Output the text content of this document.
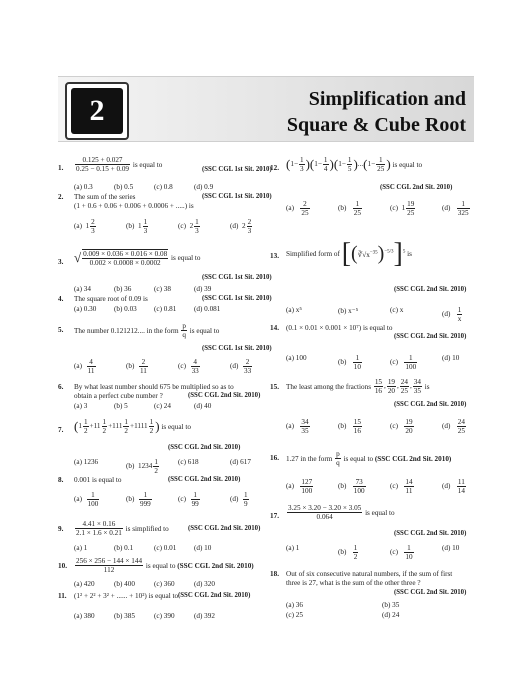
2	Simplification and
Square & Cube Root
1. $\frac{0.125 + 0.027}{0.25 - 0.15 + 0.09}$ is equal to
(SSC CGL 1st Sit. 2010)
(a) 0.3	(b) 0.5	(c) 0.8	(d) 0.9
2. The sum of the series	(SSC CGL 1st Sit. 2010)
(1 + 0.6 + 0.06 + 0.006 + 0.0006 + .....) is
(a)  $1 \frac{2}{3}$	(b)  $1 \frac{1}{3}$	(c)  $2 \frac{1}{3}$	(d)  $2 \frac{2}{3}$
3. √ $\frac{0.009 \times 0.036 \times 0.016 \times 0.08}{0.002 \times 0.0008 \times 0.0002}$ is equal to
(SSC CGL 1st Sit. 2010)
(a) 34	(b) 36	(c) 38	(d) 39
4. The square root of 0.09 is	(SSC CGL 1st Sit. 2010)
(a) 0.30 (b) 0.03 (c) 0.81 (d) 0.081
5. The number 0.121212.... in the form $\frac{p}{q}$ is equal to
(SSC CGL 1st Sit. 2010)
$(a) \frac{4}{11}$	$(b) \frac{2}{11}$	$(c) \frac{4}{33}$	$(d) \frac{2}{33}$
6. By what least number should 675 be multiplied so as to
obtain a perfect cube number ?	(SSC CGL 2nd Sit. 2010)
(a) 3	(b) 5	(c) 24	(d) 40
7. ($1 \frac{1}{2} +11 \frac{1}{2} +111 \frac{1}{2} +1111 \frac{1}{2}$ ) is equal to
(SSC CGL 2nd Sit. 2010)
(a) 1236
(b)  $1234 \frac{1}{2}$	(c) 618	(d) 617
8. 0.001 is equal to	(SSC CGL 2nd Sit. 2010)
$(a) \frac{1}{100}$	$(b) \frac{1}{999}$	$(c) \frac{1}{99}$	$(d) \frac{1}{9}$
9. $\frac{4.41 \times 0.16}{2.1 \times 1.6 \times 0.21}$ is simplified to	(SSC CGL 2nd Sit. 2010)
(a) 1	(b) 0.1	(c) 0.01 (d) 10
10. $\frac{256 \times 256 - 144 \times 144}{112}$ is equal to (SSC CGL 2nd Sit. 2010)
(a) 420	(b) 400	(c) 360	(d) 320
11. (1² + 2² + 3² + ...... + 10²) is equal to (SSC CGL 2nd Sit. 2010)
(a) 380	(b) 385	(c) 390	(d) 392
12. $(1- \frac{1}{3} )(1- \frac{1}{4} )(1- \frac{1}{5} )...(1- \frac{1}{25}$ ) is equal to
(SSC CGL 2nd Sit. 2010)
$(a) \frac{2}{25}$	$(b) \frac{1}{25}$	(c)  $1 \frac{19}{25}$	$(d) \frac{1}{325}$
13. Simplified form of $[(∛√x^{-35})^{-5/3}]^5$ is
(SSC CGL 2nd Sit. 2010)
(a) x⁵	(b) x⁻⁵	(c) x
$(d) \frac{1}{x}$
14. (0.1 × 0.01 × 0.001 × 10⁷) is equal to
(SSC CGL 2nd Sit. 2010)
(a) 100
$(b) \frac{1}{10}$	$(c) \frac{1}{100}$	(d) 10
15. The least among the fractions $\frac{15}{16}$ , $\frac{19}{20}$ , $\frac{24}{25}$ , $\frac{34}{35}$ is
(SSC CGL 2nd Sit. 2010)
$(a) \frac{34}{35}$	$(b) \frac{15}{16}$	$(c) \frac{19}{20}$	$(d) \frac{24}{25}$
16. 1.27 in the form $\frac{p}{q}$ is equal to (SSC CGL 2nd Sit. 2010)
$(a) \frac{127}{100}$	$(b) \frac{73}{100}$	$(c) \frac{14}{11}$	$(d) \frac{11}{14}$
17. $\frac{3.25 \times 3.20 - 3.20 \times 3.05}{0.064}$ is equal to
(SSC CGL 2nd Sit. 2010)
(a) 1
$(b) \frac{1}{2}$	$(c) \frac{1}{10}$	(d) 10
18. Out of six consecutive natural numbers, if the sum of first
three is 27, what is the sum of the other three ?
(SSC CGL 2nd Sit. 2010)
(a) 36	(b) 35
(c) 25	(d) 24
